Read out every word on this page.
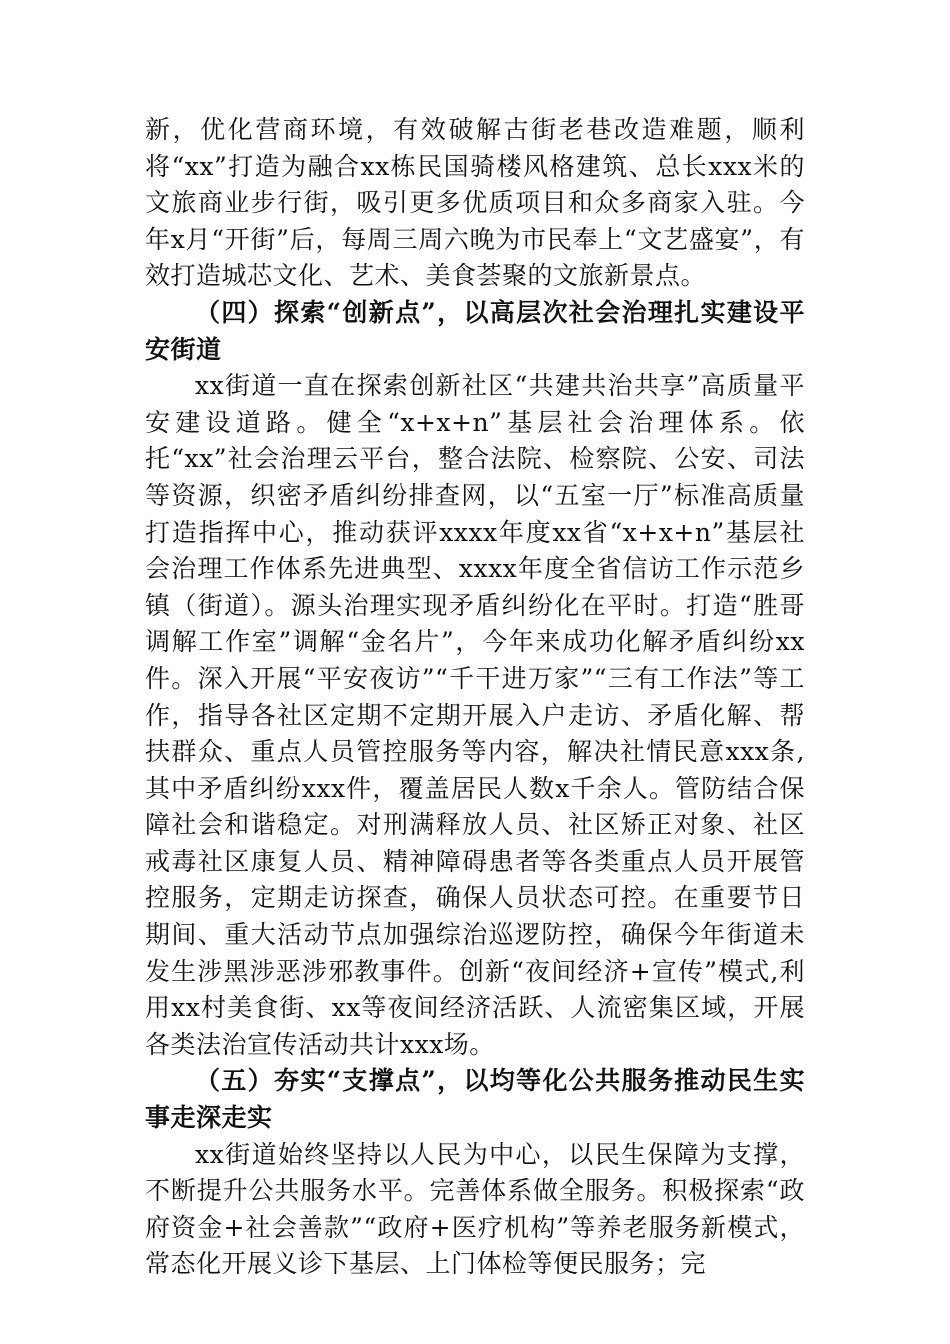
新，优化营商环境，有效破解古街老巷改造难题，顺利将“xx”打造为融合xx栋民国骑楼风格建筑、总长xxx米的文旅商业步行街，吸引更多优质项目和众多商家入驻。今年x月“开街”后，每周三周六晚为市民奉上“文艺盛宴”，有效打造城芯文化、艺术、美食荟聚的文旅新景点。

（四）探索“创新点”，以高层次社会治理扎实建设平安街道

xx街道一直在探索创新社区“共建共治共享”高质量平安建设道路。健全“x+x+n”基层社会治理体系。依托“xx”社会治理云平台，整合法院、检察院、公安、司法等资源，织密矛盾纠纷排查网，以“五室一厅”标准高质量打造指挥中心，推动获评xxxx年度xx省“x+x+n”基层社会治理工作体系先进典型、xxxx年度全省信访工作示范乡镇（街道）。源头治理实现矛盾纠纷化在平时。打造“胜哥调解工作室”调解“金名片”，今年来成功化解矛盾纠纷xx件。深入开展“平安夜访”“千干进万家”“三有工作法”等工作，指导各社区定期不定期开展入户走访、矛盾化解、帮扶群众、重点人员管控服务等内容，解决社情民意xxx条,其中矛盾纠纷xxx件，覆盖居民人数x千余人。管防结合保障社会和谐稳定。对刑满释放人员、社区矫正对象、社区戒毒社区康复人员、精神障碍患者等各类重点人员开展管控服务，定期走访探查，确保人员状态可控。在重要节日期间、重大活动节点加强综治巡逻防控，确保今年街道未发生涉黑涉恶涉邪教事件。创新“夜间经济+宣传”模式,利用xx村美食街、xx等夜间经济活跃、人流密集区域，开展各类法治宣传活动共计xxx场。

（五）夯实“支撑点”，以均等化公共服务推动民生实事走深走实

xx街道始终坚持以人民为中心，以民生保障为支撑，不断提升公共服务水平。完善体系做全服务。积极探索“政府资金+社会善款”“政府+医疗机构”等养老服务新模式，常态化开展义诊下基层、上门体检等便民服务；完
